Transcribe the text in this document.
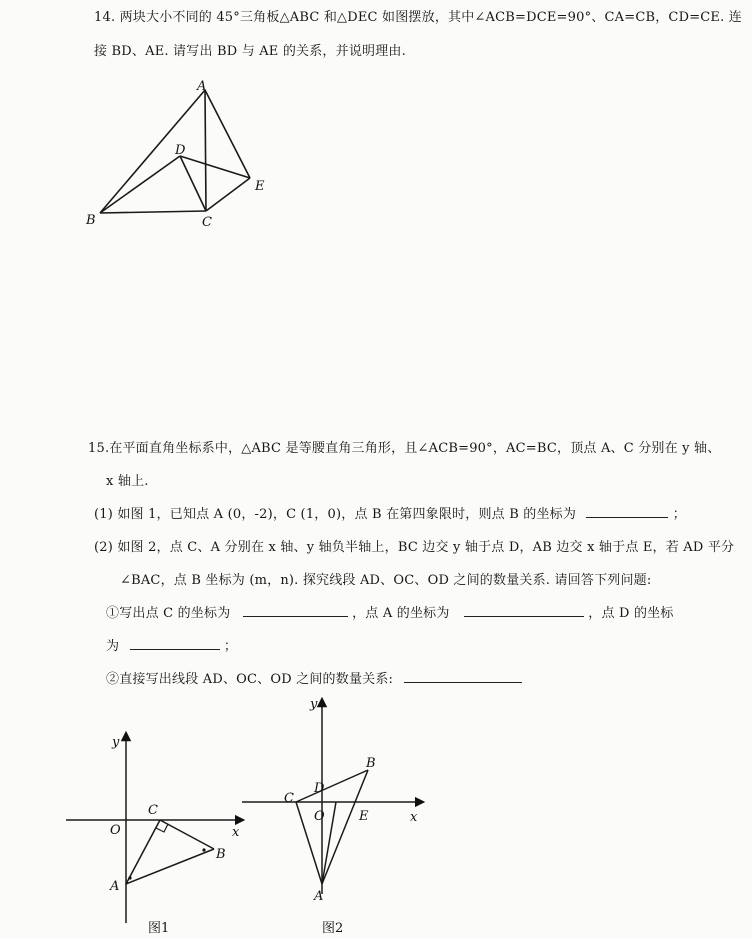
14. 两块大小不同的 45°三角板△ABC 和△DEC 如图摆放，其中∠ACB=DCE=90°、CA=CB，CD=CE. 连
接 BD、AE. 请写出 BD 与 AE 的关系，并说明理由.
A
B	C
D
E
15.在平面直角坐标系中，△ABC 是等腰直角三角形，且∠ACB=90°，AC=BC，顶点 A、C 分别在 y 轴、
x 轴上.
(1) 如图 1，已知点 A (0，-2)，C (1，0)，点 B 在第四象限时，则点 B 的坐标为	；
(2) 如图 2，点 C、A 分别在 x 轴、y 轴负半轴上，BC 边交 y 轴于点 D，AB 边交 x 轴于点 E，若 AD 平分
∠BAC，点 B 坐标为 (m，n). 探究线段 AD、OC、OD 之间的数量关系. 请回答下列问题:
①写出点 C 的坐标为	，点 A 的坐标为	，点 D 的坐标
为	；
②直接写出线段 AD、OC、OD 之间的数量关系:
y
x
O
C
B
A
图1
y
x
O
C
D
E
B
A
图2
